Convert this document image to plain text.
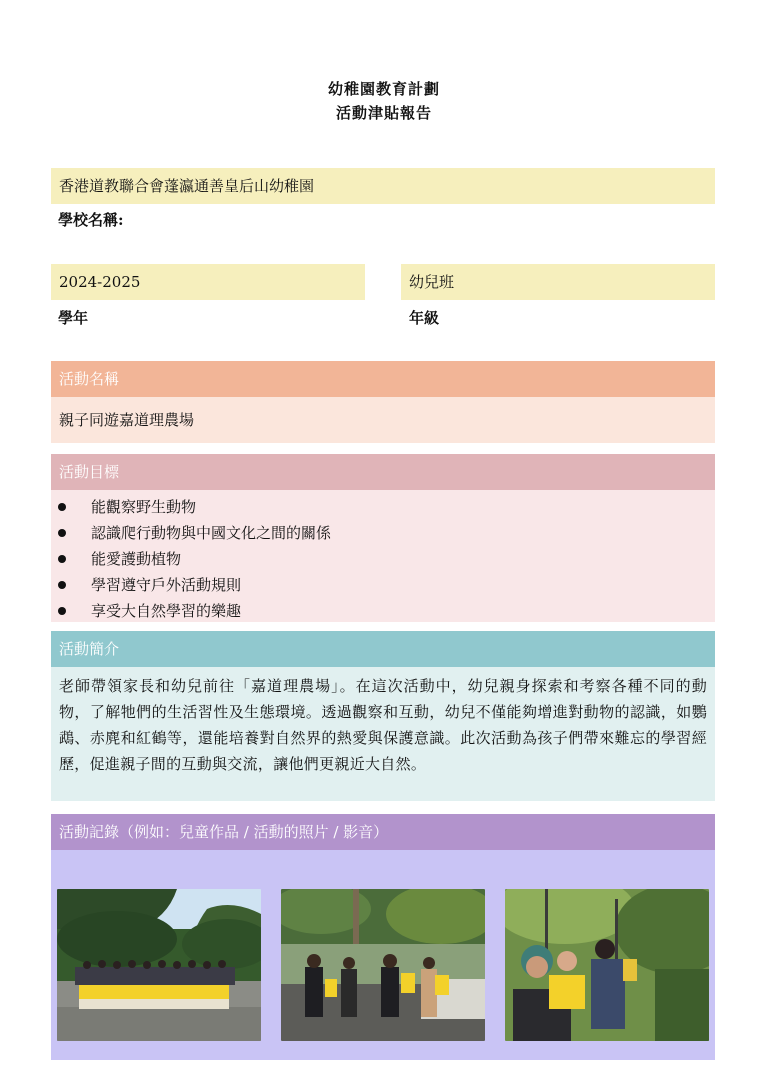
幼稚園教育計劃
活動津貼報告
香港道教聯合會蓬瀛通善皇后山幼稚園
學校名稱:
2024-2025
學年
幼兒班
年級
活動名稱
親子同遊嘉道理農場
活動目標
能觀察野生動物
認識爬行動物與中國文化之間的關係
能愛護動植物
學習遵守戶外活動規則
享受大自然學習的樂趣
活動簡介
老師帶領家長和幼兒前往「嘉道理農場」。在這次活動中，幼兒親身探索和考察各種不同的動物，了解牠們的生活習性及生態環境。透過觀察和互動，幼兒不僅能夠增進對動物的認識，如鸚鵡、赤麂和紅鶴等，還能培養對自然界的熱愛與保護意識。此次活動為孩子們帶來難忘的學習經歷，促進親子間的互動與交流，讓他們更親近大自然。
活動記錄（例如：兒童作品 / 活動的照片 / 影音）
